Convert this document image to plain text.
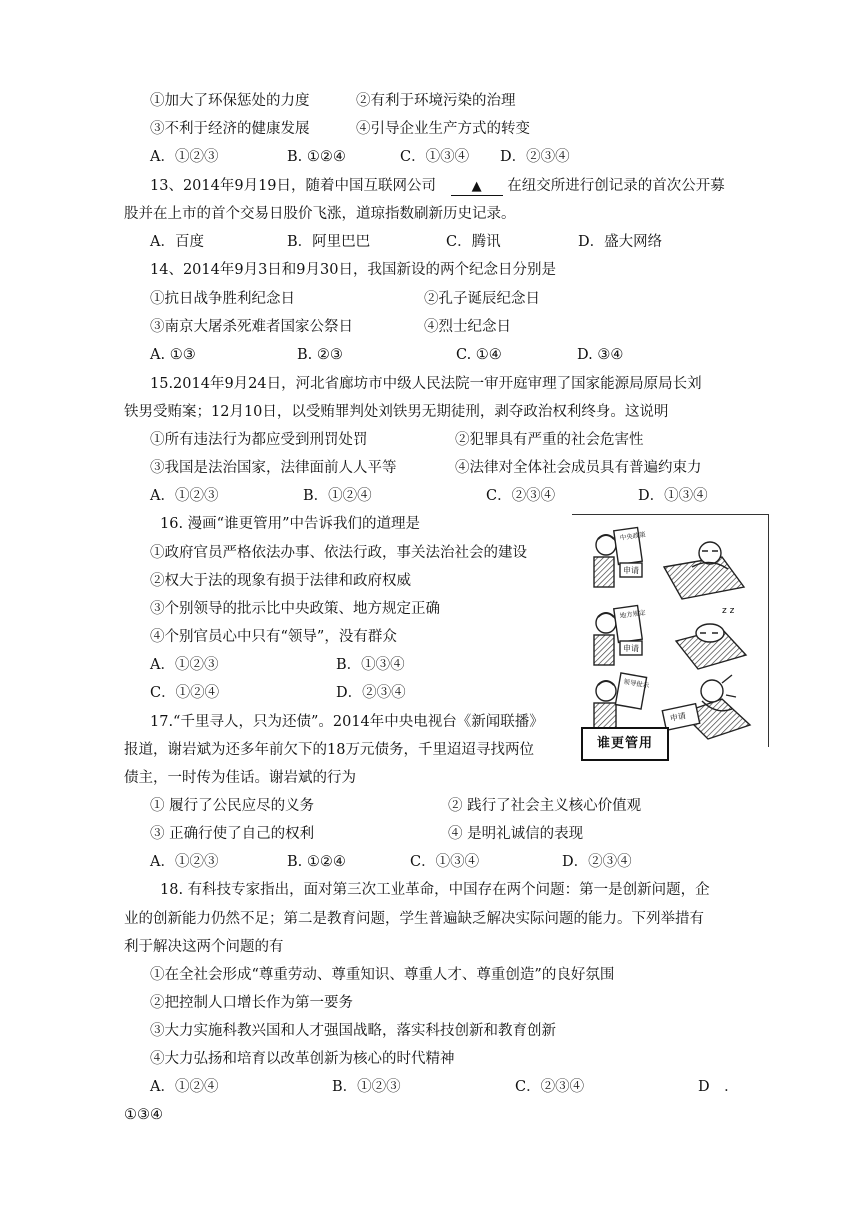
①加大了环保惩处的力度	②有利于环境污染的治理
③不利于经济的健康发展	④引导企业生产方式的转变
A．①②③	B. ①②④	C．①③④ D．②③④
13、2014年9月19日，随着中国互联网公司	▲ 在纽交所进行创记录的首次公开募
股并在上市的首个交易日股价飞涨，道琼指数刷新历史记录。
A．百度	B．阿里巴巴	C．腾讯	D．盛大网络
14、2014年9月3日和9月30日，我国新设的两个纪念日分别是
①抗日战争胜利纪念日	②孔子诞辰纪念日
③南京大屠杀死难者国家公祭日	④烈士纪念日
A. ①③	B. ②③	C. ①④	D. ③④
15.2014年9月24日，河北省廊坊市中级人民法院一审开庭审理了国家能源局原局长刘
铁男受贿案；12月10日，以受贿罪判处刘铁男无期徒刑，剥夺政治权利终身。这说明
①所有违法行为都应受到刑罚处罚	②犯罪具有严重的社会危害性
③我国是法治国家，法律面前人人平等	④法律对全体社会成员具有普遍约束力
A．①②③	B．①②④	C．②③④	D．①③④
16. 漫画“谁更管用”中告诉我们的道理是
①政府官员严格依法办事、依法行政，事关法治社会的建设
②权大于法的现象有损于法律和政府权威
③个别领导的批示比中央政策、地方规定正确
④个别官员心中只有“领导”，没有群众
A．①②③	B．①③④
C．①②④	D．②③④
中央政策
申请
地方规定
申请
z z
领导批示
申请
谁更管用
17.“千里寻人，只为还债”。2014年中央电视台《新闻联播》
报道，谢岩斌为还多年前欠下的18万元债务，千里迢迢寻找两位
债主，一时传为佳话。谢岩斌的行为
① 履行了公民应尽的义务	② 践行了社会主义核心价值观
③ 正确行使了自己的权利	④ 是明礼诚信的表现
A．①②③	B. ①②④	C．①③④	D．②③④
18. 有科技专家指出，面对第三次工业革命，中国存在两个问题：第一是创新问题，企
业的创新能力仍然不足；第二是教育问题，学生普遍缺乏解决实际问题的能力。下列举措有
利于解决这两个问题的有
①在全社会形成“尊重劳动、尊重知识、尊重人才、尊重创造”的良好氛围
②把控制人口增长作为第一要务
③大力实施科教兴国和人才强国战略，落实科技创新和教育创新
④大力弘扬和培育以改革创新为核心的时代精神
A．①②④	B．①②③	C．②③④	D　．
①③④
